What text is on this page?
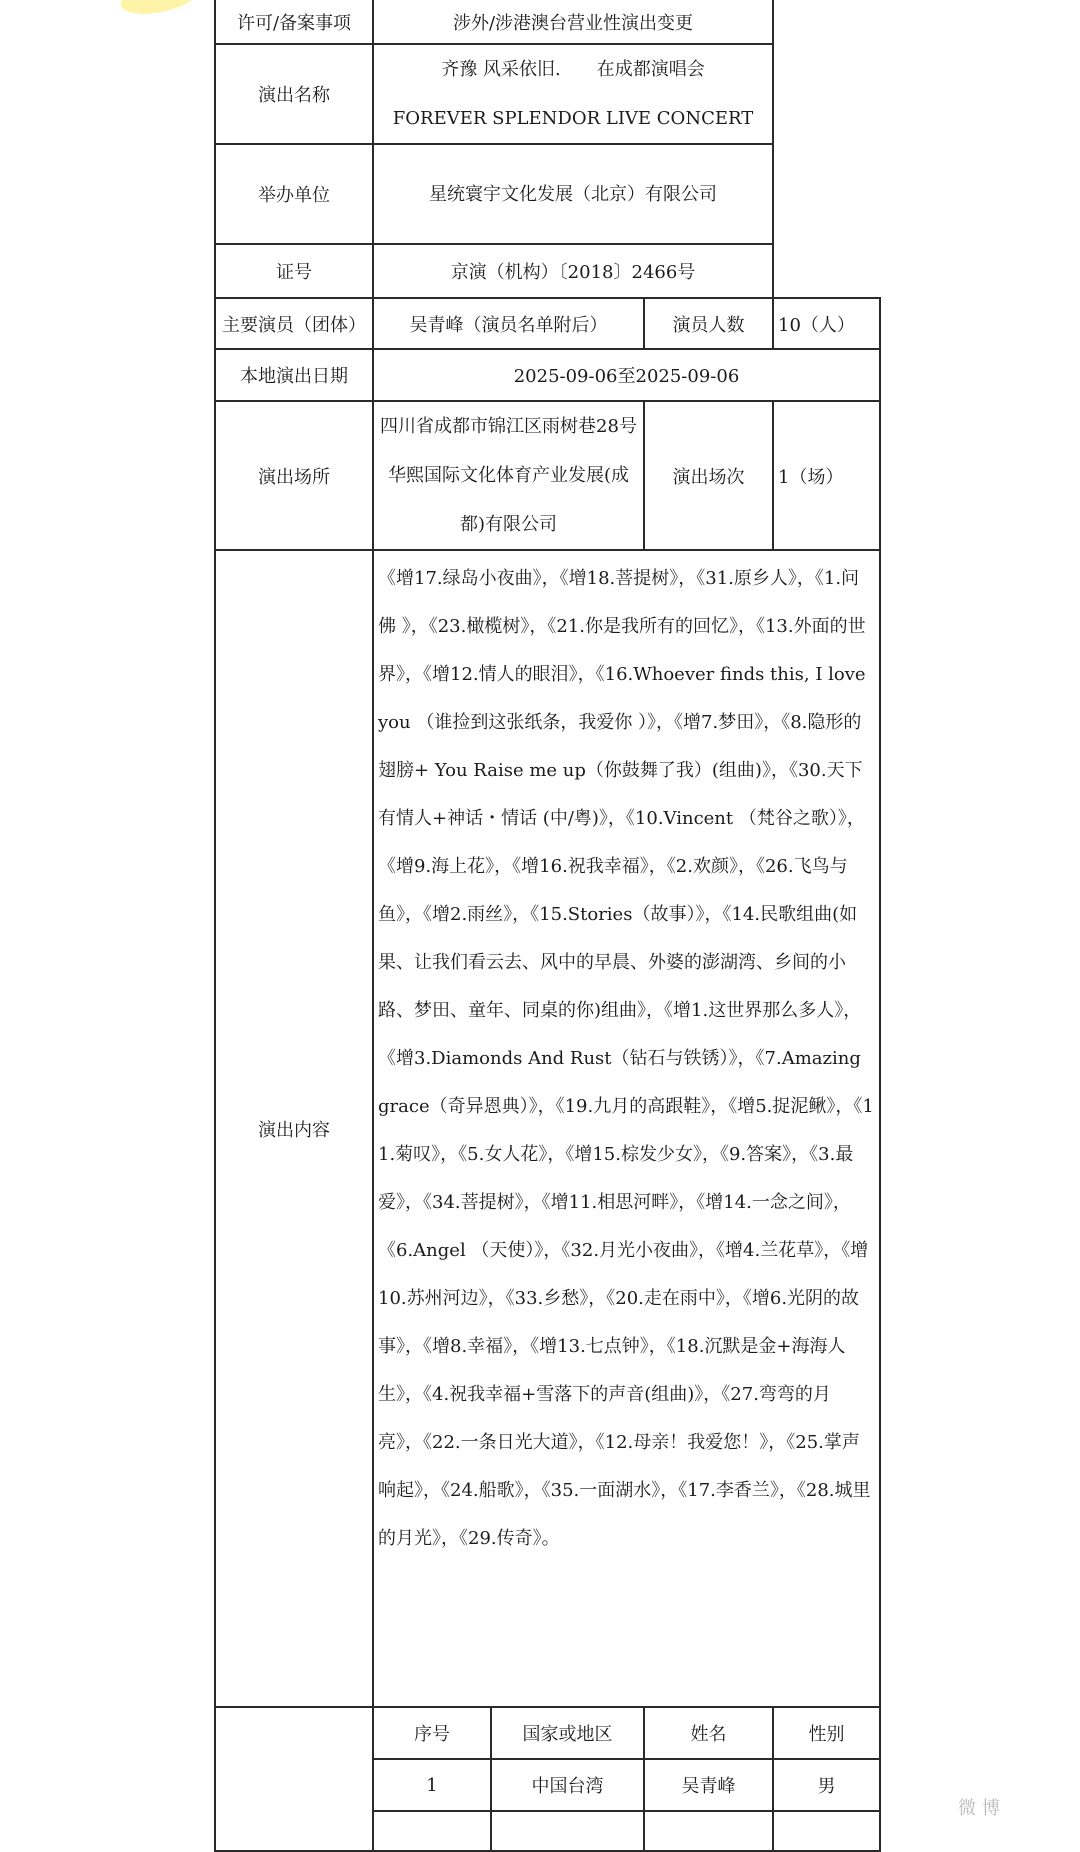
许可/备案事项	涉外/涉港澳台营业性演出变更			
演出名称	齐豫 风采依旧.　　在成都演唱会
FOREVER SPLENDOR LIVE CONCERT			

举办单位	星统寰宇文化发展（北京）有限公司			
证号	京演（机构）〔2018〕2466号			
主要演员（团体）	吴青峰（演员名单附后）		演员人数	10（人）
本地演出日期	2025-09-06至2025-09-06			
演出场所	四川省成都市锦江区雨树巷28号华熙国际文化体育产业发展(成都)有限公司		演出场次	1（场）
演出内容	《增17.绿岛小夜曲》，《增18.菩提树》，《31.原乡人》，《1.问佛 》，《23.橄榄树》，《21.你是我所有的回忆》，《13.外面的世界》，《增12.情人的眼泪》，《16.Whoever finds this, I love you （谁捡到这张纸条，我爱你 ）》，《增7.梦田》，《8.隐形的翅膀+ You Raise me up（你鼓舞了我）(组曲)》，《30.天下有情人+神话・情话 (中/粤)》，《10.Vincent （梵谷之歌）》，《增9.海上花》，《增16.祝我幸福》，《2.欢颜》，《26.飞鸟与鱼》，《增2.雨丝》，《15.Stories（故事）》，《14.民歌组曲(如果、让我们看云去、风中的早晨、外婆的澎湖湾、乡间的小路、梦田、童年、同桌的你)组曲》，《增1.这世界那么多人》，《增3.Diamonds And Rust（钻石与铁锈）》，《7.Amazing grace（奇异恩典）》，《19.九月的高跟鞋》，《增5.捉泥鳅》，《11.菊叹》，《5.女人花》，《增15.棕发少女》，《9.答案》，《3.最爱》，《34.菩提树》，《增11.相思河畔》，《增14.一念之间》，《6.Angel （天使）》，《32.月光小夜曲》，《增4.兰花草》，《增10.苏州河边》，《33.乡愁》，《20.走在雨中》，《增6.光阴的故事》，《增8.幸福》，《增13.七点钟》，《18.沉默是金+海海人生》，《4.祝我幸福+雪落下的声音(组曲)》，《27.弯弯的月亮》，《22.一条日光大道》，《12.母亲！我爱您！》，《25.掌声响起》，《24.船歌》，《35.一面湖水》，《17.李香兰》，《28.城里的月光》，《29.传奇》。			
	序号	国家或地区	姓名	性别
	1	中国台湾	吴青峰	男

微博
